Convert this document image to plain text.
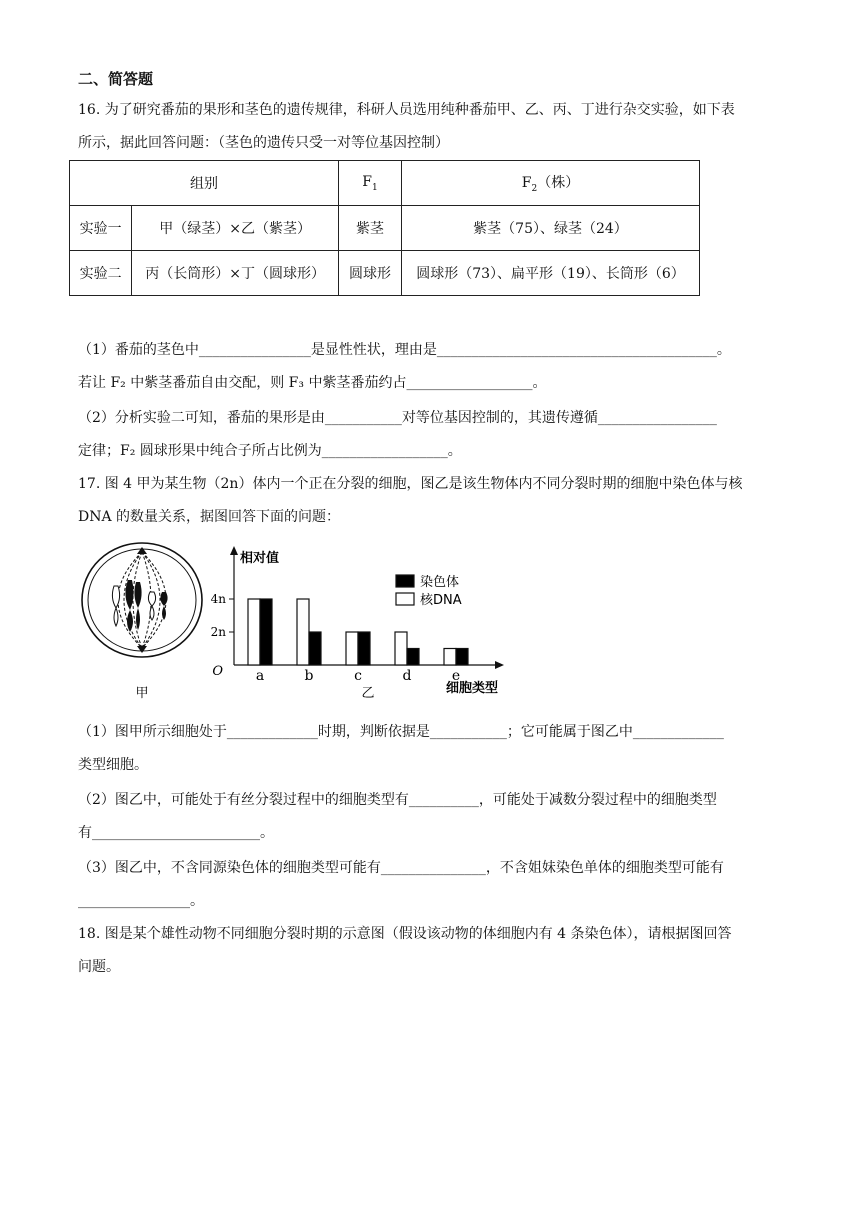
二、简答题
16. 为了研究番茄的果形和茎色的遗传规律，科研人员选用纯种番茄甲、乙、丙、丁进行杂交实验，如下表
所示，据此回答问题：（茎色的遗传只受一对等位基因控制）
组别		$F_1$	$F_2$（株）
实验一	甲（绿茎）×乙（紫茎）	紫茎	紫茎（75）、绿茎（24）
实验二	丙（长筒形）×丁（圆球形）	圆球形	圆球形（73）、扁平形（19）、长筒形（6）
（1）番茄的茎色中________________是显性性状，理由是________________________________________。
若让 F₂ 中紫茎番茄自由交配，则 F₃ 中紫茎番茄约占__________________。
（2）分析实验二可知，番茄的果形是由___________对等位基因控制的，其遗传遵循_________________
定律；F₂ 圆球形果中纯合子所占比例为__________________。
17. 图 4 甲为某生物（2n）体内一个正在分裂的细胞，图乙是该生物体内不同分裂时期的细胞中染色体与核
DNA 的数量关系，据图回答下面的问题：
甲
相对值
O
细胞类型
乙
染色体
核DNA
4n
2n
a	b	c	d	e
（1）图甲所示细胞处于_____________时期，判断依据是___________；它可能属于图乙中_____________
类型细胞。
（2）图乙中，可能处于有丝分裂过程中的细胞类型有__________，可能处于减数分裂过程中的细胞类型
有________________________。
（3）图乙中，不含同源染色体的细胞类型可能有_______________，不含姐妹染色单体的细胞类型可能有
________________。
18. 图是某个雄性动物不同细胞分裂时期的示意图（假设该动物的体细胞内有 4 条染色体），请根据图回答
问题。
